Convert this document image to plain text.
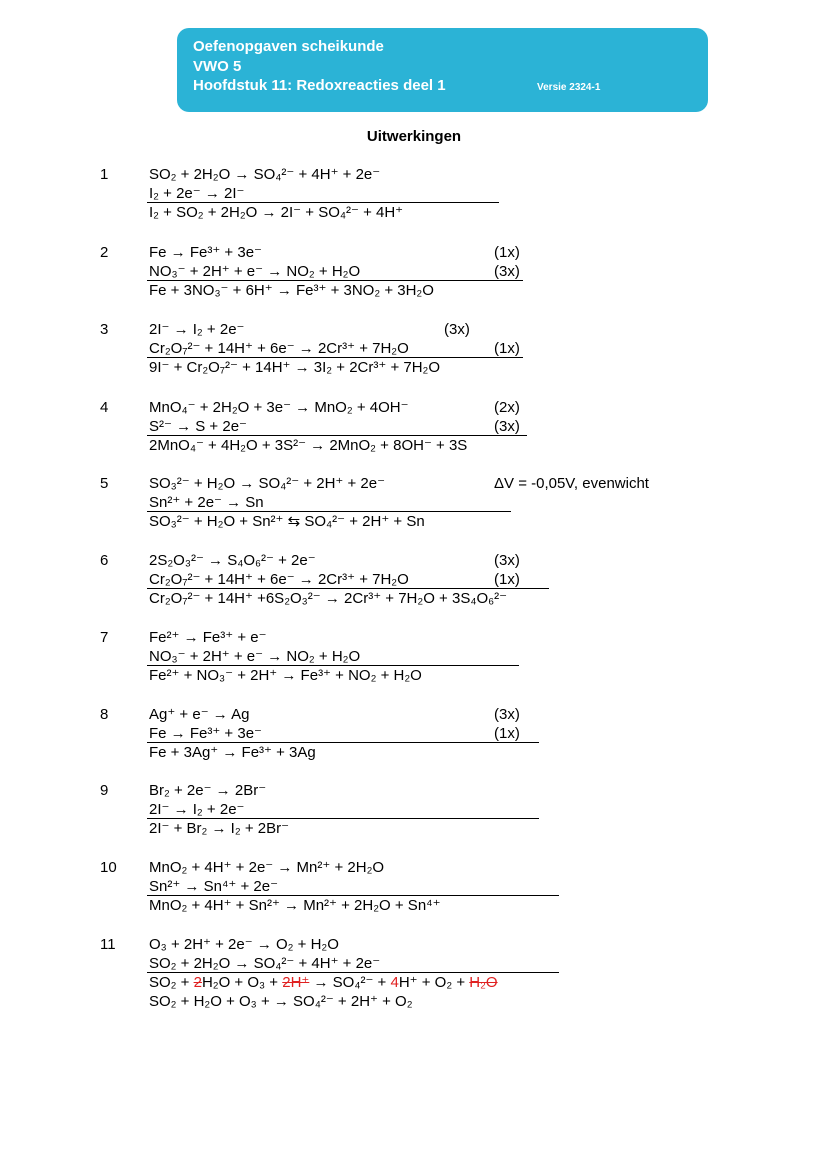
Oefenopgaven scheikunde
VWO 5
Hoofdstuk 11: Redoxreacties deel 1	Versie 2324-1
Uitwerkingen
1	SO₂ + 2H₂O → SO₄²⁻ + 4H⁺ + 2e⁻
I₂ + 2e⁻ → 2I⁻
I₂ + SO₂ + 2H₂O → 2I⁻ + SO₄²⁻ + 4H⁺
2	Fe → Fe³⁺ + 3e⁻	(1x)
NO₃⁻ + 2H⁺ + e⁻ → NO₂ + H₂O	(3x)
Fe + 3NO₃⁻ + 6H⁺ → Fe³⁺ + 3NO₂ + 3H₂O
3	2I⁻ → I₂ + 2e⁻	(3x)
Cr₂O₇²⁻ + 14H⁺ + 6e⁻ → 2Cr³⁺ + 7H₂O	(1x)
9I⁻ + Cr₂O₇²⁻ + 14H⁺ → 3I₂ + 2Cr³⁺ + 7H₂O
4	MnO₄⁻ + 2H₂O + 3e⁻ → MnO₂ + 4OH⁻	(2x)
S²⁻ → S + 2e⁻	(3x)
2MnO₄⁻ + 4H₂O + 3S²⁻ → 2MnO₂ + 8OH⁻ + 3S
5	SO₃²⁻ + H₂O → SO₄²⁻ + 2H⁺ + 2e⁻	ΔV = -0,05V, evenwicht
Sn²⁺ + 2e⁻ → Sn
SO₃²⁻ + H₂O + Sn²⁺ ⇆ SO₄²⁻ + 2H⁺ + Sn
6	2S₂O₃²⁻ → S₄O₆²⁻ + 2e⁻	(3x)
Cr₂O₇²⁻ + 14H⁺ + 6e⁻ → 2Cr³⁺ + 7H₂O	(1x)
Cr₂O₇²⁻ + 14H⁺ +6S₂O₃²⁻ → 2Cr³⁺ + 7H₂O + 3S₄O₆²⁻
7	Fe²⁺ → Fe³⁺ + e⁻
NO₃⁻ + 2H⁺ + e⁻ → NO₂ + H₂O
Fe²⁺ + NO₃⁻ + 2H⁺ → Fe³⁺ + NO₂ + H₂O
8	Ag⁺ + e⁻ → Ag	(3x)
Fe → Fe³⁺ + 3e⁻	(1x)
Fe + 3Ag⁺ → Fe³⁺ + 3Ag
9	Br₂ + 2e⁻ → 2Br⁻
2I⁻ → I₂ + 2e⁻
2I⁻ + Br₂ → I₂ + 2Br⁻
10 MnO₂ + 4H⁺ + 2e⁻ → Mn²⁺ + 2H₂O
Sn²⁺ → Sn⁴⁺ + 2e⁻
MnO₂ + 4H⁺ + Sn²⁺ → Mn²⁺ + 2H₂O + Sn⁴⁺
11 O₃ + 2H⁺ + 2e⁻ → O₂ + H₂O
SO₂ + 2H₂O → SO₄²⁻ + 4H⁺ + 2e⁻
SO₂ + 2H₂O + O₃ + 2H⁺ → SO₄²⁻ + 4H⁺ + O₂ + H₂O
SO₂ + H₂O + O₃ + → SO₄²⁻ + 2H⁺ + O₂
